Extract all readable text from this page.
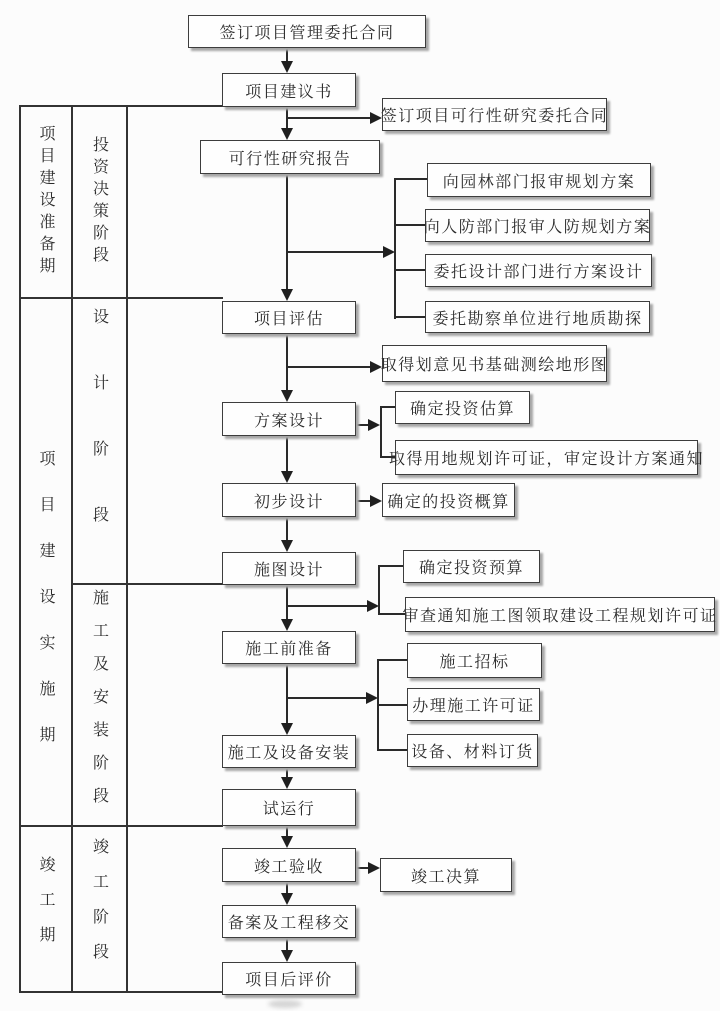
项目建设准备期
项目建设实施期
竣工期
投资决策阶段
设计阶段
施工及安装阶段
竣工阶段
签订项目管理委托合同
项目建议书
可行性研究报告
项目评估
方案设计
初步设计
施图设计
施工前准备
施工及设备安装
试运行
竣工验收
备案及工程移交
项目后评价
签订项目可行性研究委托合同
向园林部门报审规划方案
向人防部门报审人防规划方案
委托设计部门进行方案设计
委托勘察单位进行地质勘探
取得划意见书基础测绘地形图
确定投资估算
取得用地规划许可证，审定设计方案通知
确定的投资概算
确定投资预算
审查通知施工图领取建设工程规划许可证
施工招标
办理施工许可证
设备、材料订货
竣工决算
